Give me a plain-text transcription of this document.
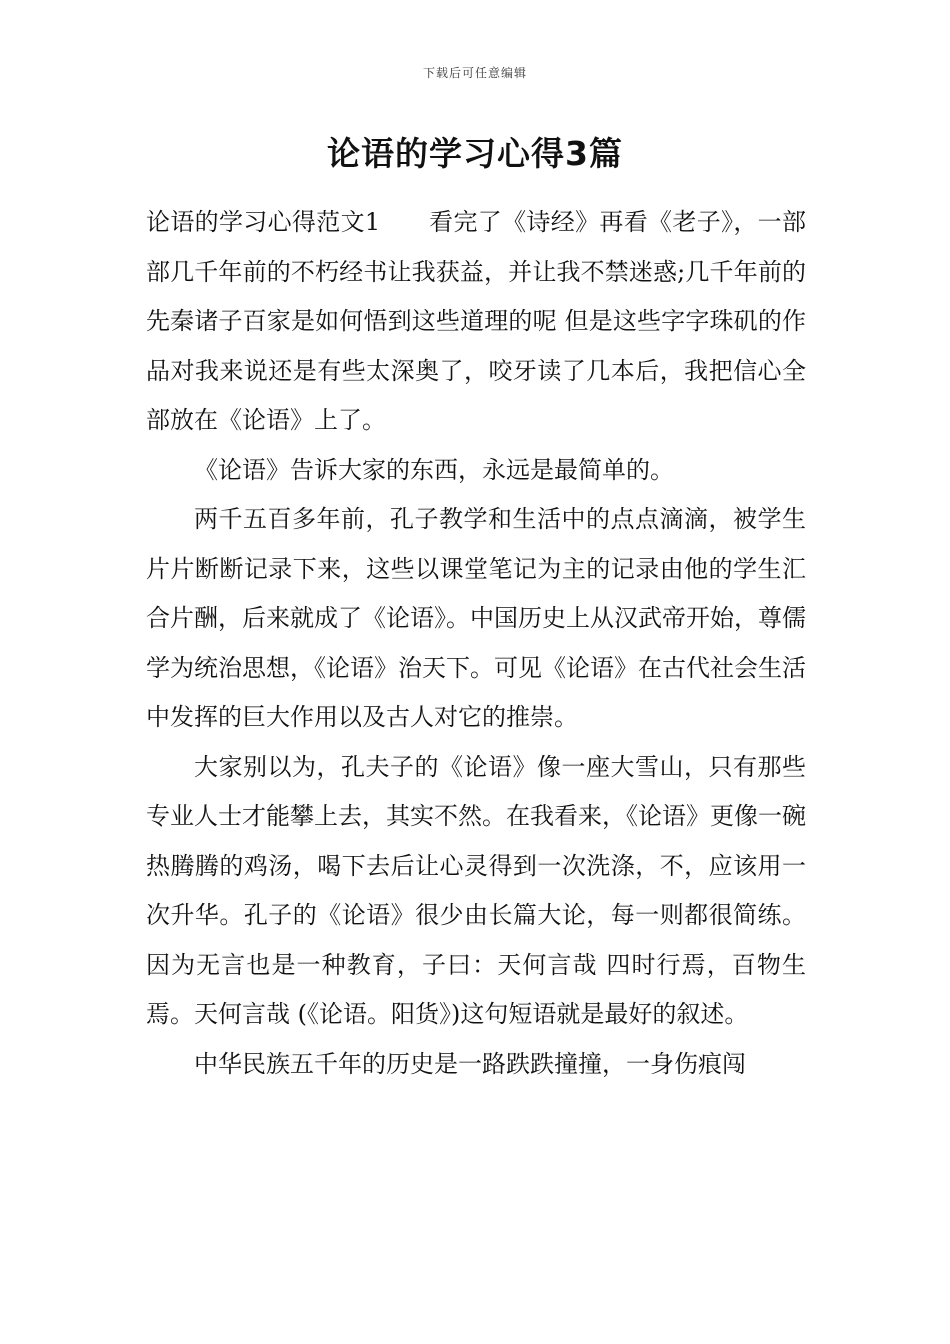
下载后可任意编辑
论语的学习心得3篇

论语的学习心得范文1　　看完了《诗经》再看《老子》，一部部几千年前的不朽经书让我获益，并让我不禁迷惑;几千年前的先秦诸子百家是如何悟到这些道理的呢 但是这些字字珠矶的作品对我来说还是有些太深奥了，咬牙读了几本后，我把信心全部放在《论语》上了。

《论语》告诉大家的东西，永远是最简单的。

两千五百多年前，孔子教学和生活中的点点滴滴，被学生片片断断记录下来，这些以课堂笔记为主的记录由他的学生汇合片酬，后来就成了《论语》。中国历史上从汉武帝开始，尊儒学为统治思想，《论语》治天下。可见《论语》在古代社会生活中发挥的巨大作用以及古人对它的推崇。

大家别以为，孔夫子的《论语》像一座大雪山，只有那些专业人士才能攀上去，其实不然。在我看来，《论语》更像一碗热腾腾的鸡汤，喝下去后让心灵得到一次洗涤，不，应该用一次升华。孔子的《论语》很少由长篇大论，每一则都很简练。因为无言也是一种教育，子曰：天何言哉 四时行焉，百物生焉。天何言哉 (《论语。阳货》)这句短语就是最好的叙述。

中华民族五千年的历史是一路跌跌撞撞，一身伤痕闯
